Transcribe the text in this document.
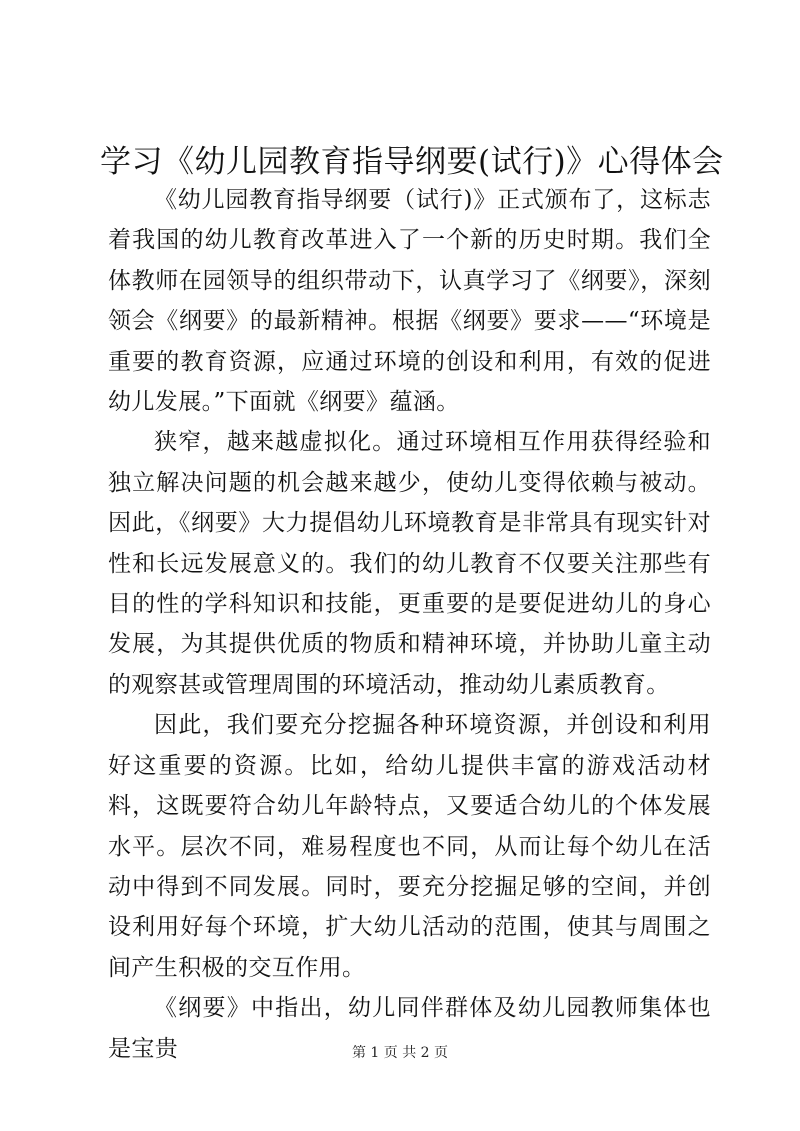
学习《幼儿园教育指导纲要(试行)》心得体会

《幼儿园教育指导纲要（试行)》正式颁布了，这标志着我国的幼儿教育改革进入了一个新的历史时期。我们全体教师在园领导的组织带动下，认真学习了《纲要》，深刻领会《纲要》的最新精神。根据《纲要》要求——“环境是重要的教育资源，应通过环境的创设和利用，有效的促进幼儿发展。”下面就《纲要》蕴涵。

狭窄，越来越虚拟化。通过环境相互作用获得经验和独立解决问题的机会越来越少，使幼儿变得依赖与被动。因此，《纲要》大力提倡幼儿环境教育是非常具有现实针对性和长远发展意义的。我们的幼儿教育不仅要关注那些有目的性的学科知识和技能，更重要的是要促进幼儿的身心发展，为其提供优质的物质和精神环境，并协助儿童主动的观察甚或管理周围的环境活动，推动幼儿素质教育。

因此，我们要充分挖掘各种环境资源，并创设和利用好这重要的资源。比如，给幼儿提供丰富的游戏活动材料，这既要符合幼儿年龄特点，又要适合幼儿的个体发展水平。层次不同，难易程度也不同，从而让每个幼儿在活动中得到不同发展。同时，要充分挖掘足够的空间，并创设利用好每个环境，扩大幼儿活动的范围，使其与周围之间产生积极的交互作用。

《纲要》中指出，幼儿同伴群体及幼儿园教师集体也是宝贵	第 1 页 共 2 页
